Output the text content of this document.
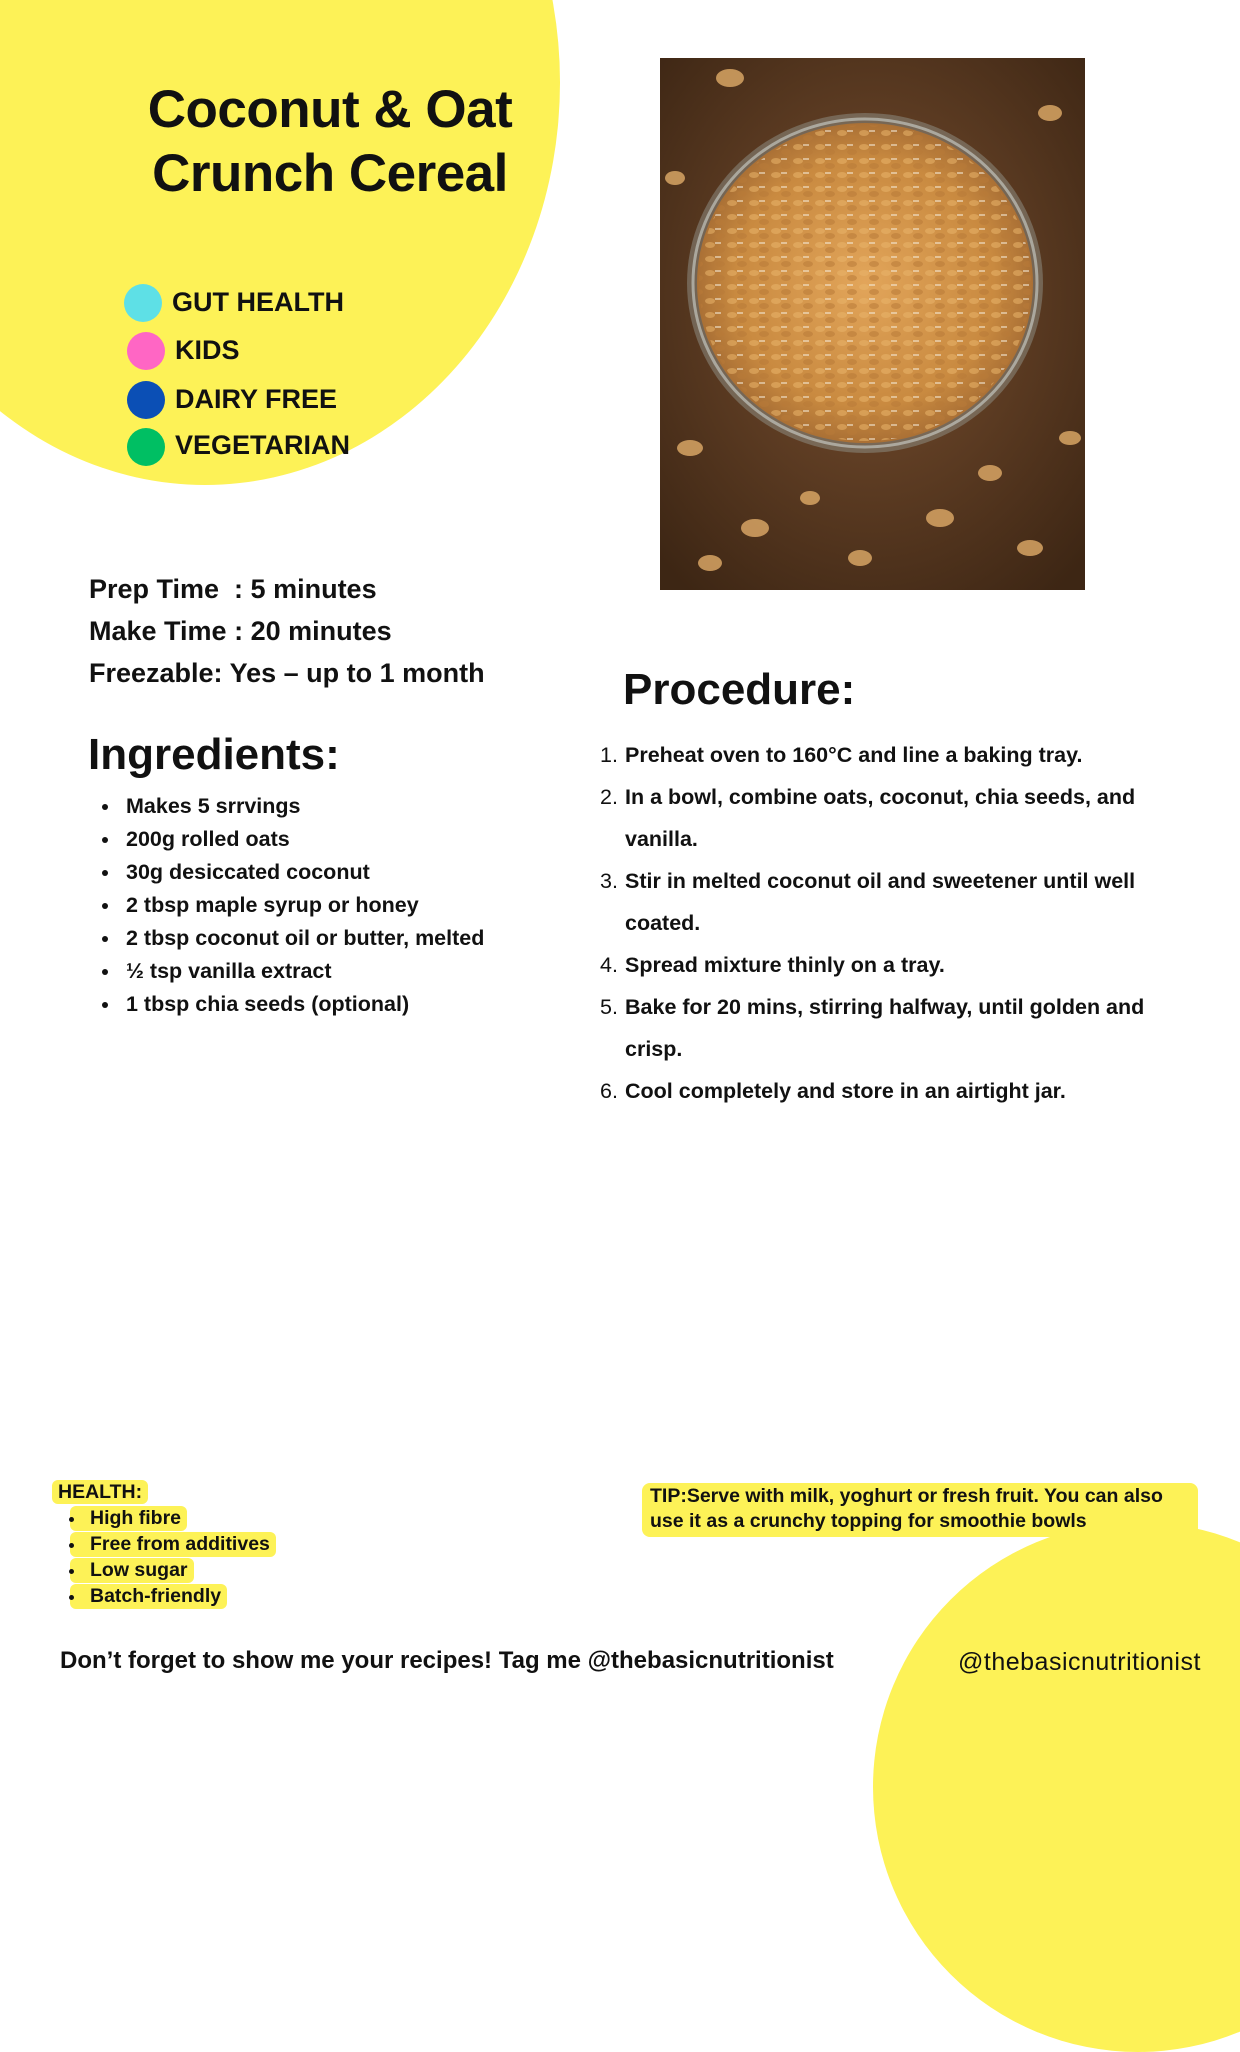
Coconut & Oat
Crunch Cereal
GUT HEALTH
KIDS
DAIRY FREE
VEGETARIAN
Prep Time  : 5 minutes
Make Time : 20 minutes
Freezable: Yes – up to 1 month
Ingredients:
Makes 5 srrvings
200g rolled oats
30g desiccated coconut
2 tbsp maple syrup or honey
2 tbsp coconut oil or butter, melted
½ tsp vanilla extract
1 tbsp chia seeds (optional)
Procedure:
1. Preheat oven to 160°C and line a baking tray.
2. In a bowl, combine oats, coconut, chia seeds, and vanilla.
3. Stir in melted coconut oil and sweetener until well coated.
4. Spread mixture thinly on a tray.
5. Bake for 20 mins, stirring halfway, until golden and crisp.
6. Cool completely and store in an airtight jar.
HEALTH:
High fibre
Free from additives
Low sugar
Batch-friendly
TIP:Serve with milk, yoghurt or fresh fruit. You can also use it as a crunchy topping for smoothie bowls
Don’t forget to show me your recipes! Tag me @thebasicnutritionist	@thebasicnutritionist
